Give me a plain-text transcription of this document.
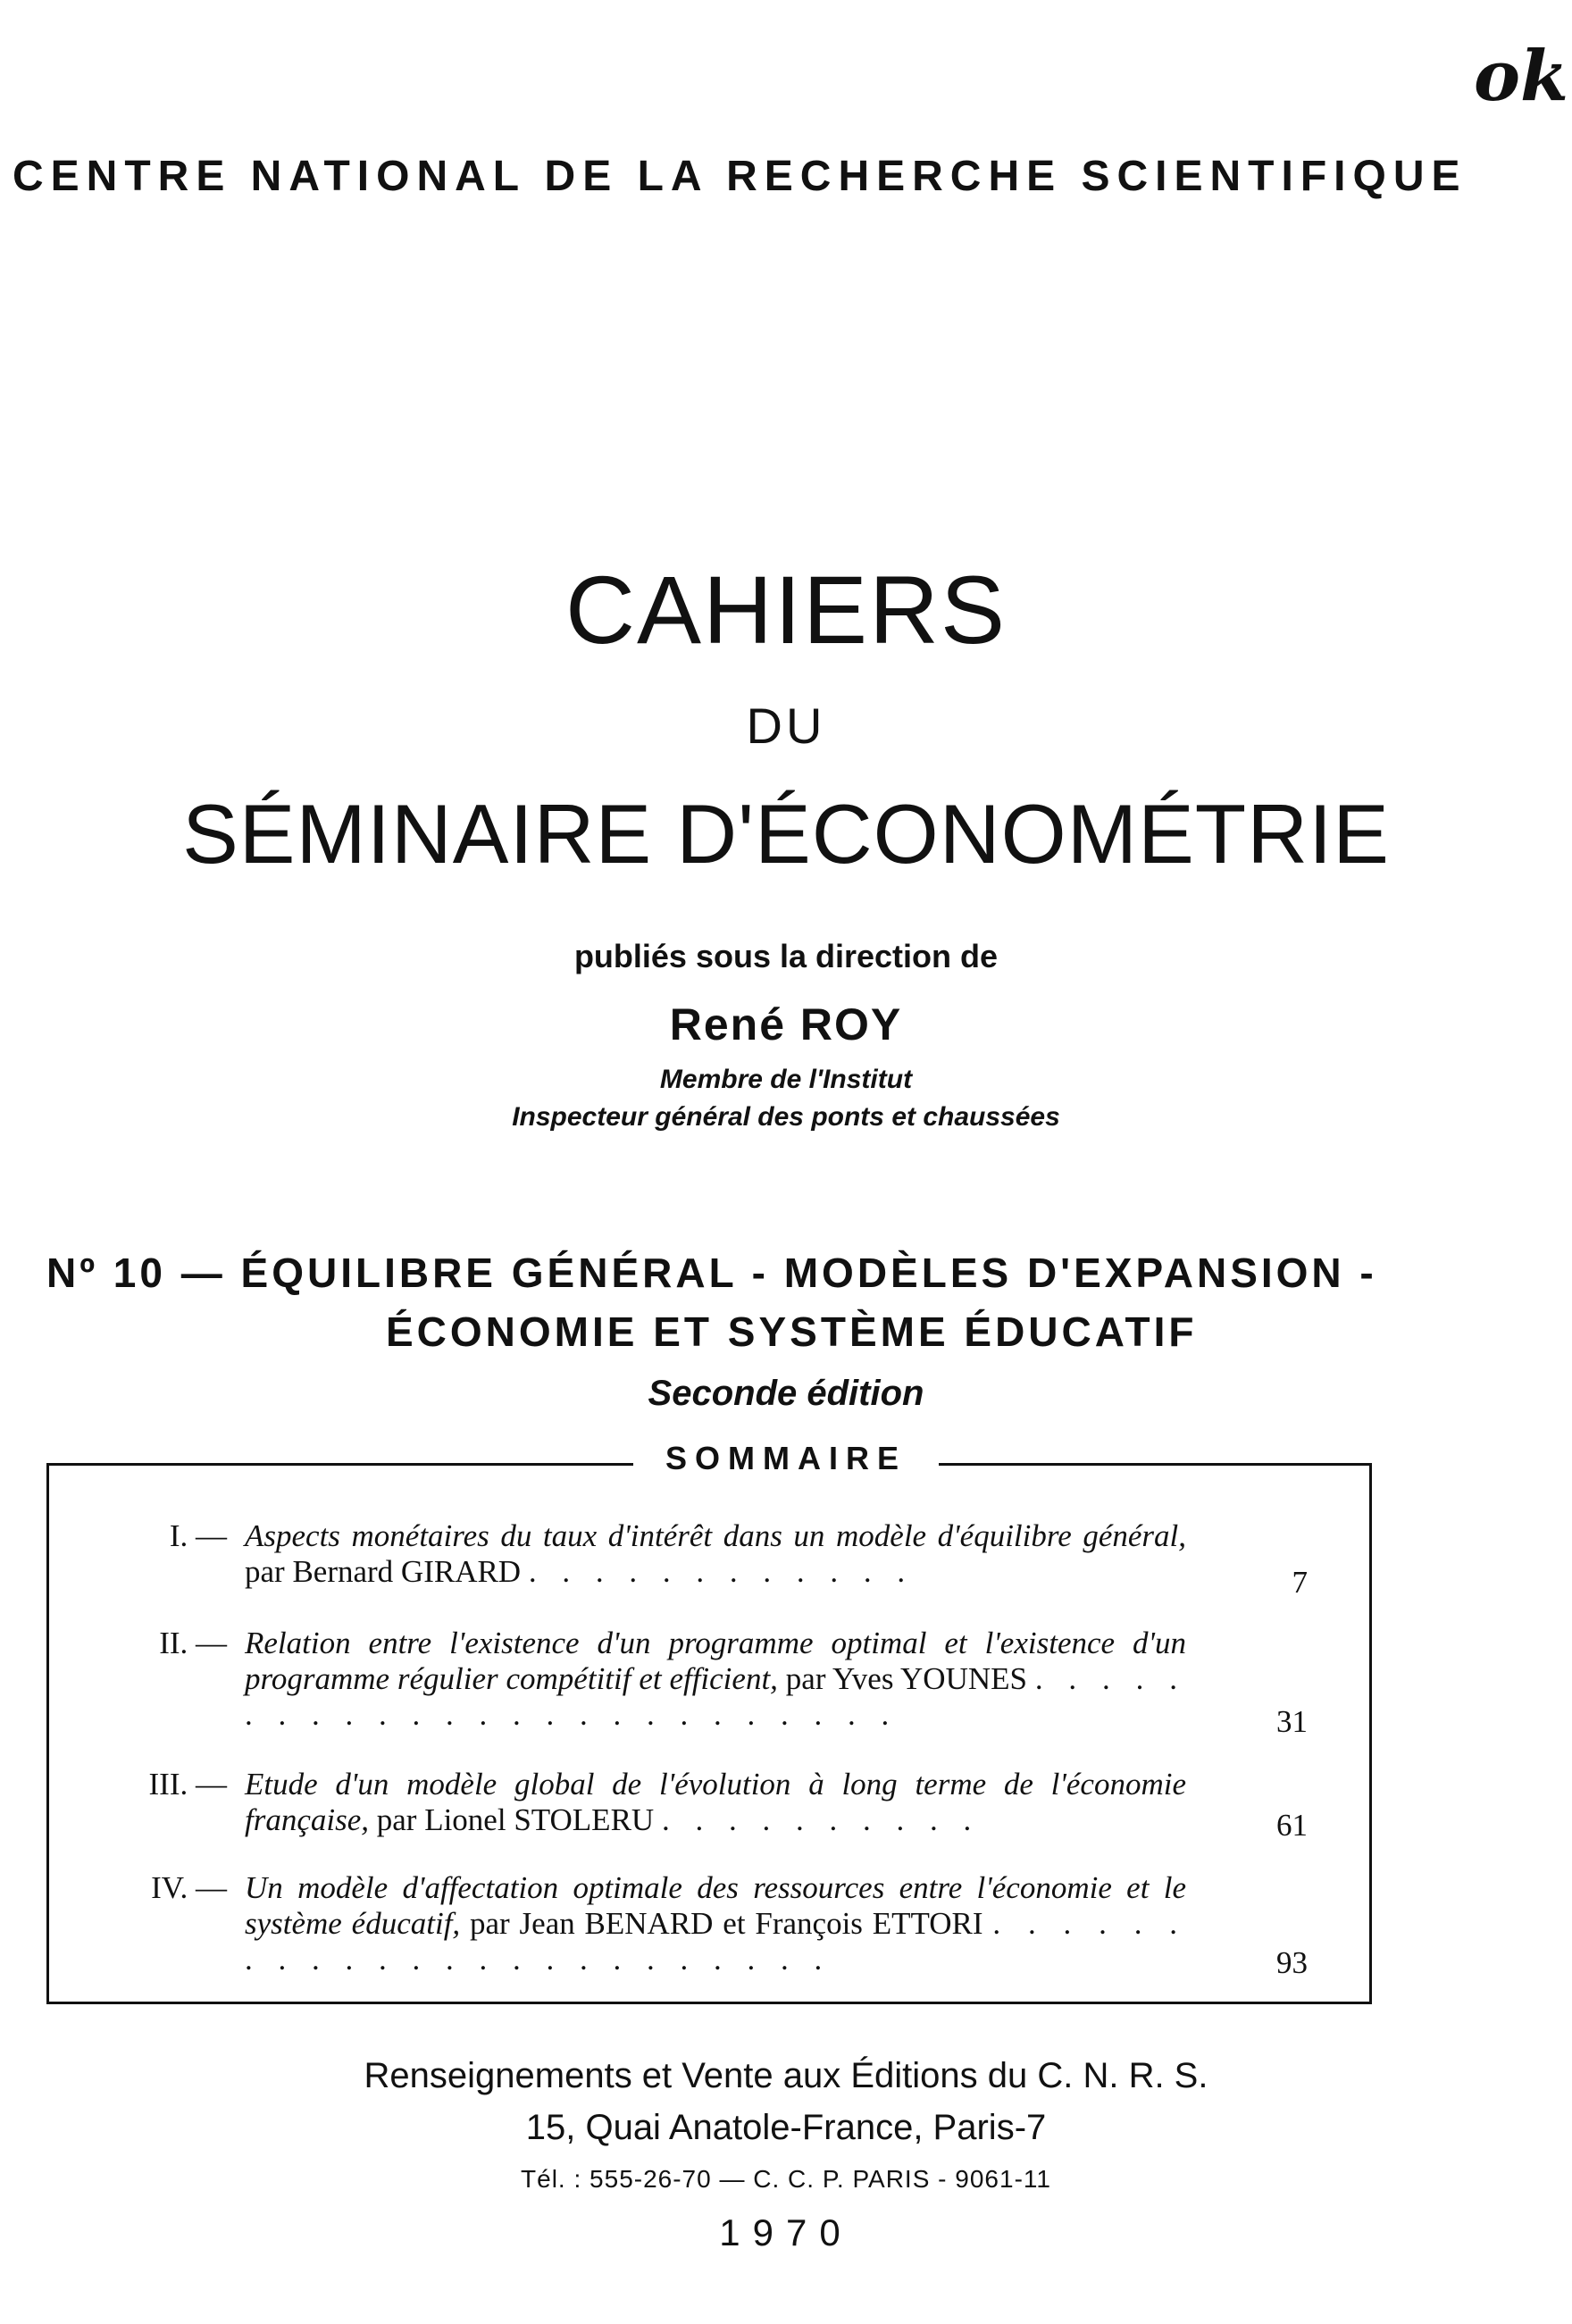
ok
CENTRE NATIONAL DE LA RECHERCHE SCIENTIFIQUE
CAHIERS
DU
SÉMINAIRE D'ÉCONOMÉTRIE
publiés sous la direction de
René ROY
Membre de l'Institut
Inspecteur général des ponts et chaussées
Nº 10 — ÉQUILIBRE GÉNÉRAL - MODÈLES D'EXPANSION -
ÉCONOMIE ET SYSTÈME ÉDUCATIF
Seconde édition
SOMMAIRE
I. — Aspects monétaires du taux d'intérêt dans un modèle d'équilibre général, par Bernard GIRARD . . . . . . . . . . . .	7
II. — Relation entre l'existence d'un programme optimal et l'existence d'un programme régulier compétitif et efficient, par Yves YOUNES . . . . . . . . . . . . . . . . . . . . . . . . .	31
III. — Etude d'un modèle global de l'évolution à long terme de l'économie française, par Lionel STOLERU . . . . . . . . . .	61
IV. — Un modèle d'affectation optimale des ressources entre l'économie et le système éducatif, par Jean BENARD et François ETTORI . . . . . . . . . . . . . . . . . . . . . . . .	93
Renseignements et Vente aux Éditions du C. N. R. S.
15, Quai Anatole-France, Paris-7
Tél. : 555-26-70 — C. C. P. PARIS - 9061-11
1970
